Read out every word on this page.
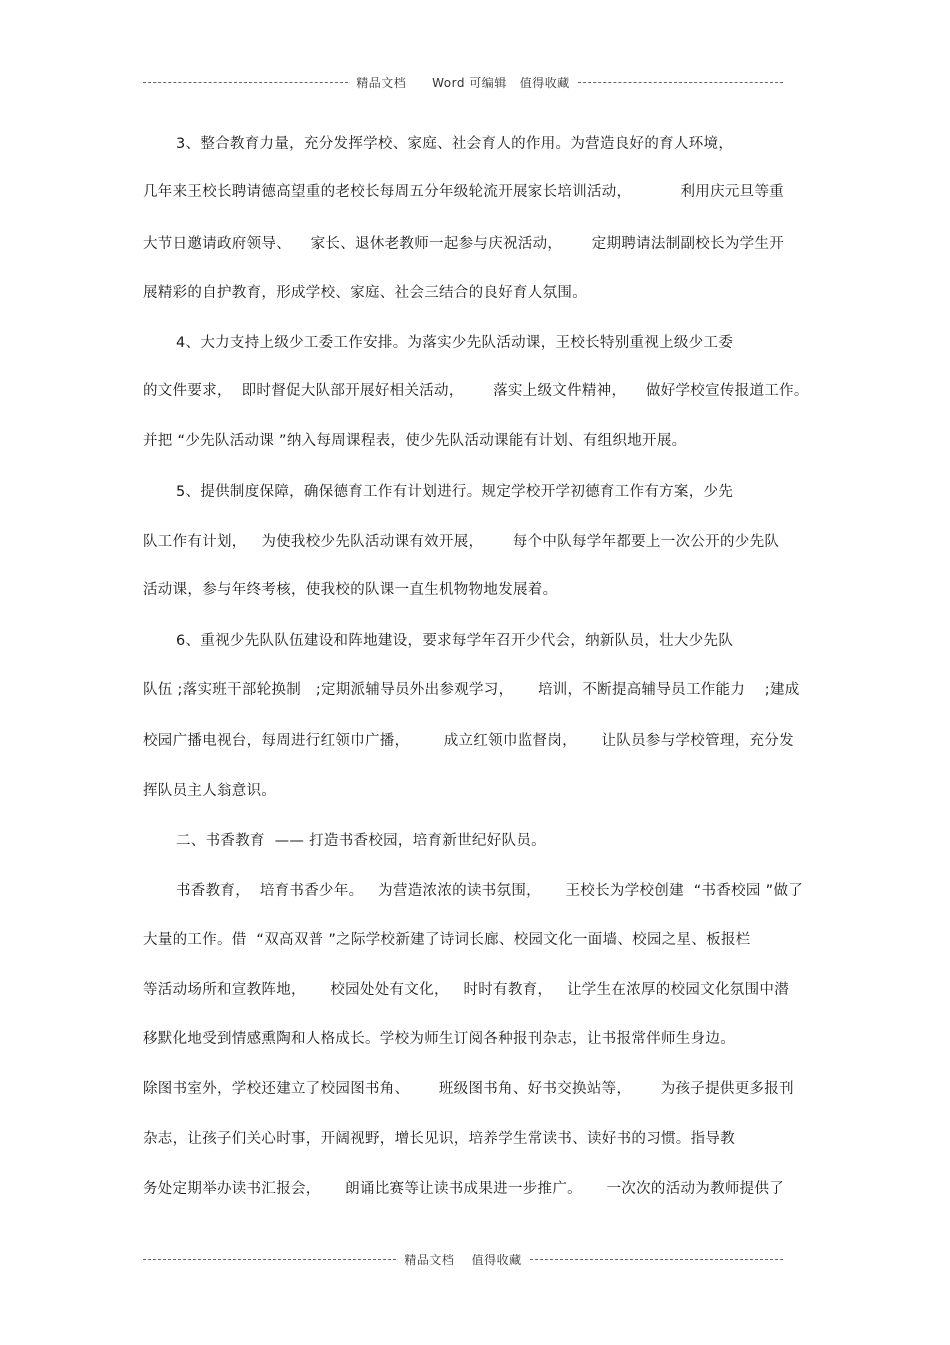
精品文档      Word 可编辑   值得收藏
3、整合教育力量，充分发挥学校、家庭、社会育人的作用。为营造良好的育人环境，
几年来王校长聘请德高望重的老校长每周五分年级轮流开展家长培训活动，          利用庆元旦等重
大节日邀请政府领导、    家长、退休老教师一起参与庆祝活动，      定期聘请法制副校长为学生开
展精彩的自护教育，形成学校、家庭、社会三结合的良好育人氛围。
4、大力支持上级少工委工作安排。为落实少先队活动课，王校长特别重视上级少工委
的文件要求，  即时督促大队部开展好相关活动，      落实上级文件精神，    做好学校宣传报道工作。
并把 “少先队活动课 ”纳入每周课程表，使少先队活动课能有计划、有组织地开展。
5、提供制度保障，确保德育工作有计划进行。规定学校开学初德育工作有方案，少先
队工作有计划，   为使我校少先队活动课有效开展，      每个中队每学年都要上一次公开的少先队
活动课，参与年终考核，使我校的队课一直生机物物地发展着。
6、重视少先队队伍建设和阵地建设，要求每学年召开少代会，纳新队员，壮大少先队
队伍 ;落实班干部轮换制   ;定期派辅导员外出参观学习，     培训，不断提高辅导员工作能力    ;建成
校园广播电视台，每周进行红领巾广播，       成立红领巾监督岗，     让队员参与学校管理，充分发
挥队员主人翁意识。
二、书香教育  —— 打造书香校园，培育新世纪好队员。
书香教育，  培育书香少年。   为营造浓浓的读书氛围，     王校长为学校创建  “书香校园 ”做了
大量的工作。借  “双高双普 ”之际学校新建了诗词长廊、校园文化一面墙、校园之星、板报栏
等活动场所和宣教阵地，     校园处处有文化，   时时有教育，   让学生在浓厚的校园文化氛围中潜
移默化地受到情感熏陶和人格成长。学校为师生订阅各种报刊杂志，让书报常伴师生身边。
除图书室外，学校还建立了校园图书角、      班级图书角、好书交换站等，      为孩子提供更多报刊
杂志，让孩子们关心时事，开阔视野，增长见识，培养学生常读书、读好书的习惯。指导教
务处定期举办读书汇报会，     朗诵比赛等让读书成果进一步推广。     一次次的活动为教师提供了
精品文档    值得收藏
